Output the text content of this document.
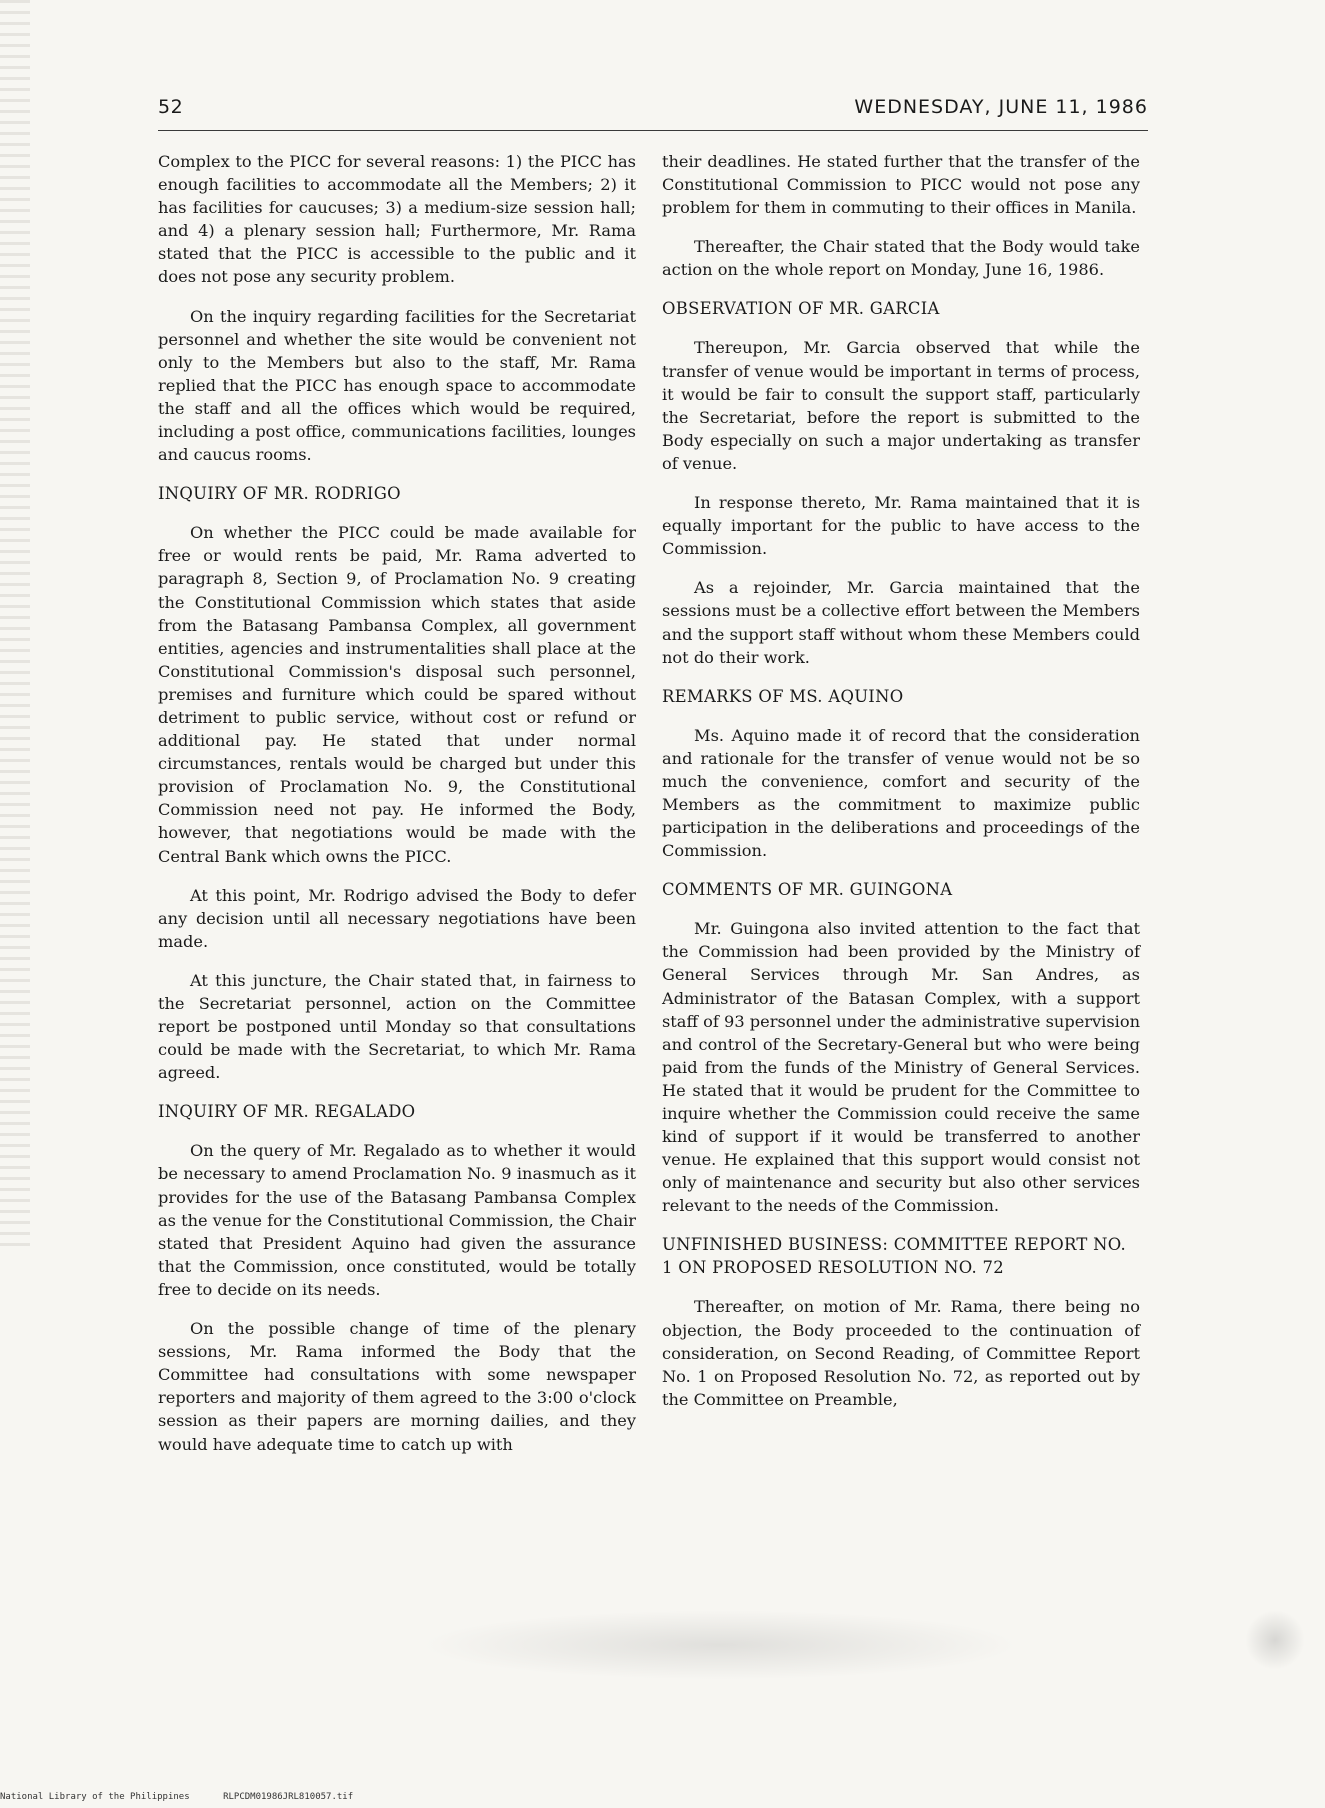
52	WEDNESDAY, JUNE 11, 1986

Complex to the PICC for several reasons: 1) the PICC has enough facilities to accommodate all the Members; 2) it has facilities for caucuses; 3) a medium-size session hall; and 4) a plenary session hall; Furthermore, Mr. Rama stated that the PICC is accessible to the public and it does not pose any security problem.

On the inquiry regarding facilities for the Secretariat personnel and whether the site would be convenient not only to the Members but also to the staff, Mr. Rama replied that the PICC has enough space to accommodate the staff and all the offices which would be required, including a post office, communications facilities, lounges and caucus rooms.

INQUIRY OF MR. RODRIGO

On whether the PICC could be made available for free or would rents be paid, Mr. Rama adverted to paragraph 8, Section 9, of Proclamation No. 9 creating the Constitutional Commission which states that aside from the Batasang Pambansa Complex, all government entities, agencies and instrumentalities shall place at the Constitutional Commission's disposal such personnel, premises and furniture which could be spared without detriment to public service, without cost or refund or additional pay. He stated that under normal circumstances, rentals would be charged but under this provision of Proclamation No. 9, the Constitutional Commission need not pay. He informed the Body, however, that negotiations would be made with the Central Bank which owns the PICC.

At this point, Mr. Rodrigo advised the Body to defer any decision until all necessary negotiations have been made.

At this juncture, the Chair stated that, in fairness to the Secretariat personnel, action on the Committee report be postponed until Monday so that consultations could be made with the Secretariat, to which Mr. Rama agreed.

INQUIRY OF MR. REGALADO

On the query of Mr. Regalado as to whether it would be necessary to amend Proclamation No. 9 inasmuch as it provides for the use of the Batasang Pambansa Complex as the venue for the Constitutional Commission, the Chair stated that President Aquino had given the assurance that the Commission, once constituted, would be totally free to decide on its needs.

On the possible change of time of the plenary sessions, Mr. Rama informed the Body that the Committee had consultations with some newspaper reporters and majority of them agreed to the 3:00 o'clock session as their papers are morning dailies, and they would have adequate time to catch up with

their deadlines. He stated further that the transfer of the Constitutional Commission to PICC would not pose any problem for them in commuting to their offices in Manila.

Thereafter, the Chair stated that the Body would take action on the whole report on Monday, June 16, 1986.

OBSERVATION OF MR. GARCIA

Thereupon, Mr. Garcia observed that while the transfer of venue would be important in terms of process, it would be fair to consult the support staff, particularly the Secretariat, before the report is submitted to the Body especially on such a major undertaking as transfer of venue.

In response thereto, Mr. Rama maintained that it is equally important for the public to have access to the Commission.

As a rejoinder, Mr. Garcia maintained that the sessions must be a collective effort between the Members and the support staff without whom these Members could not do their work.

REMARKS OF MS. AQUINO

Ms. Aquino made it of record that the consideration and rationale for the transfer of venue would not be so much the convenience, comfort and security of the Members as the commitment to maximize public participation in the deliberations and proceedings of the Commission.

COMMENTS OF MR. GUINGONA

Mr. Guingona also invited attention to the fact that the Commission had been provided by the Ministry of General Services through Mr. San Andres, as Administrator of the Batasan Complex, with a support staff of 93 personnel under the administrative supervision and control of the Secretary-General but who were being paid from the funds of the Ministry of General Services. He stated that it would be prudent for the Committee to inquire whether the Commission could receive the same kind of support if it would be transferred to another venue. He explained that this support would consist not only of maintenance and security but also other services relevant to the needs of the Commission.

UNFINISHED BUSINESS: COMMITTEE REPORT NO. 1 ON PROPOSED RESOLUTION NO. 72

Thereafter, on motion of Mr. Rama, there being no objection, the Body proceeded to the continuation of consideration, on Second Reading, of Committee Report No. 1 on Proposed Resolution No. 72, as reported out by the Committee on Preamble,

National Library of the Philippines	RLPCDM01986JRL810057.tif
